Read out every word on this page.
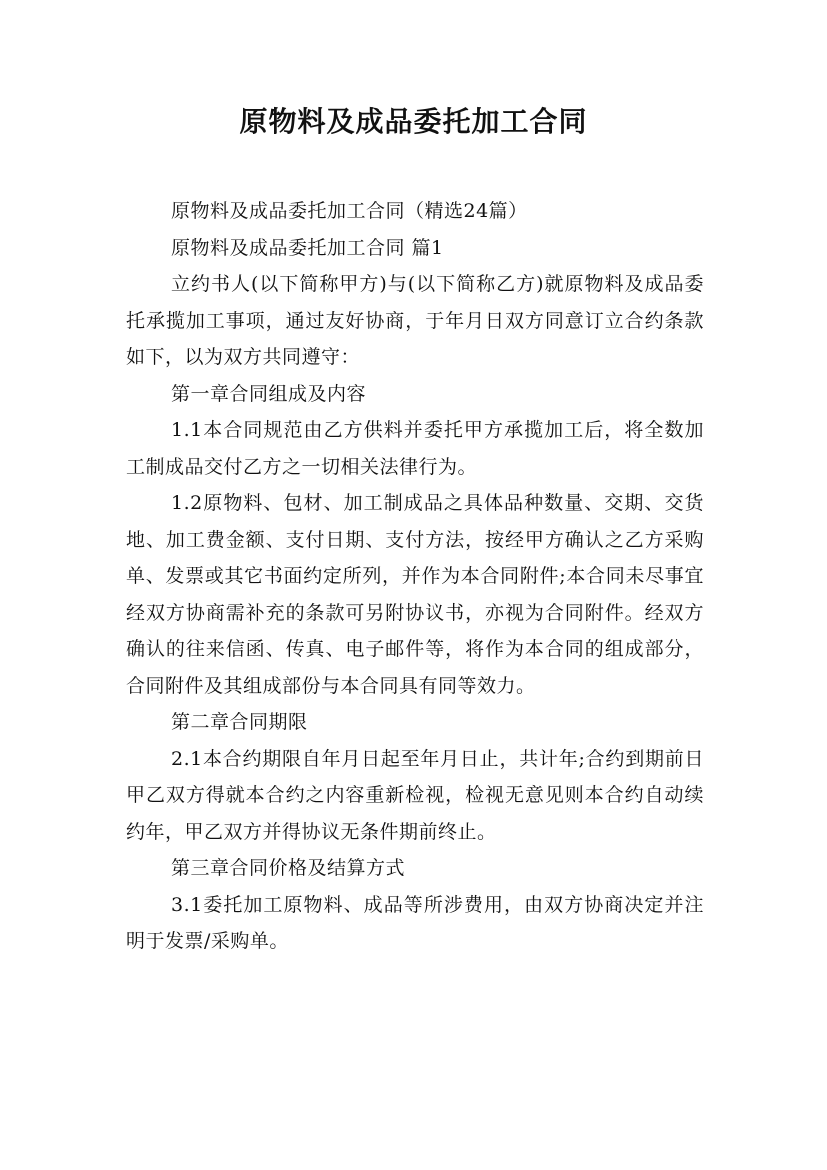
原物料及成品委托加工合同

原物料及成品委托加工合同（精选24篇）

原物料及成品委托加工合同 篇1

立约书人(以下简称甲方)与(以下简称乙方)就原物料及成品委托承揽加工事项，通过友好协商，于年月日双方同意订立合约条款如下，以为双方共同遵守：

第一章合同组成及内容

1.1本合同规范由乙方供料并委托甲方承揽加工后，将全数加工制成品交付乙方之一切相关法律行为。

1.2原物料、包材、加工制成品之具体品种数量、交期、交货地、加工费金额、支付日期、支付方法，按经甲方确认之乙方采购单、发票或其它书面约定所列，并作为本合同附件;本合同未尽事宜经双方协商需补充的条款可另附协议书，亦视为合同附件。经双方确认的往来信函、传真、电子邮件等，将作为本合同的组成部分，合同附件及其组成部份与本合同具有同等效力。

第二章合同期限

2.1本合约期限自年月日起至年月日止，共计年;合约到期前日甲乙双方得就本合约之内容重新检视，检视无意见则本合约自动续约年，甲乙双方并得协议无条件期前终止。

第三章合同价格及结算方式

3.1委托加工原物料、成品等所涉费用，由双方协商决定并注明于发票/采购单。
